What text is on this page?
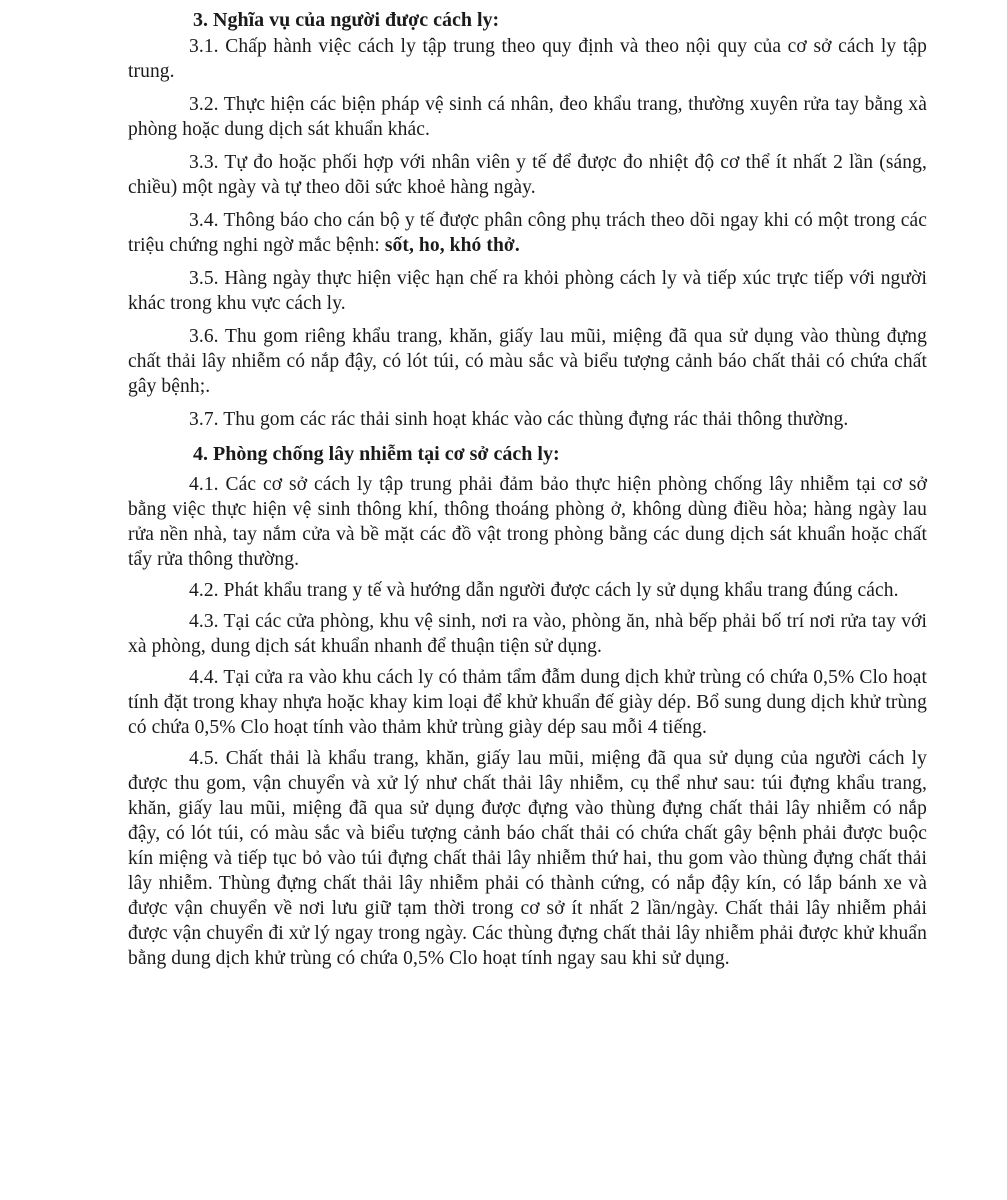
3. Nghĩa vụ của người được cách ly:

3.1. Chấp hành việc cách ly tập trung theo quy định và theo nội quy của cơ sở cách ly tập trung.

3.2. Thực hiện các biện pháp vệ sinh cá nhân, đeo khẩu trang, thường xuyên rửa tay bằng xà phòng hoặc dung dịch sát khuẩn khác.

3.3. Tự đo hoặc phối hợp với nhân viên y tế để được đo nhiệt độ cơ thể ít nhất 2 lần (sáng, chiều) một ngày và tự theo dõi sức khoẻ hàng ngày.

3.4. Thông báo cho cán bộ y tế được phân công phụ trách theo dõi ngay khi có một trong các triệu chứng nghi ngờ mắc bệnh: sốt, ho, khó thở.

3.5. Hàng ngày thực hiện việc hạn chế ra khỏi phòng cách ly và tiếp xúc trực tiếp với người khác trong khu vực cách ly.

3.6. Thu gom riêng khẩu trang, khăn, giấy lau mũi, miệng đã qua sử dụng vào thùng đựng chất thải lây nhiễm có nắp đậy, có lót túi, có màu sắc và biểu tượng cảnh báo chất thải có chứa chất gây bệnh;.

3.7. Thu gom các rác thải sinh hoạt khác vào các thùng đựng rác thải thông thường.

4. Phòng chống lây nhiễm tại cơ sở cách ly:

4.1. Các cơ sở cách ly tập trung phải đảm bảo thực hiện phòng chống lây nhiễm tại cơ sở bằng việc thực hiện vệ sinh thông khí, thông thoáng phòng ở, không dùng điều hòa; hàng ngày lau rửa nền nhà, tay nắm cửa và bề mặt các đồ vật trong phòng bằng các dung dịch sát khuẩn hoặc chất tẩy rửa thông thường.

4.2. Phát khẩu trang y tế và hướng dẫn người được cách ly sử dụng khẩu trang đúng cách.

4.3. Tại các cửa phòng, khu vệ sinh, nơi ra vào, phòng ăn, nhà bếp phải bố trí nơi rửa tay với xà phòng, dung dịch sát khuẩn nhanh để thuận tiện sử dụng.

4.4. Tại cửa ra vào khu cách ly có thảm tẩm đẫm dung dịch khử trùng có chứa 0,5% Clo hoạt tính đặt trong khay nhựa hoặc khay kim loại để khử khuẩn đế giày dép. Bổ sung dung dịch khử trùng có chứa 0,5% Clo hoạt tính vào thảm khử trùng giày dép sau mỗi 4 tiếng.

4.5. Chất thải là khẩu trang, khăn, giấy lau mũi, miệng đã qua sử dụng của người cách ly được thu gom, vận chuyển và xử lý như chất thải lây nhiễm, cụ thể như sau: túi đựng khẩu trang, khăn, giấy lau mũi, miệng đã qua sử dụng được đựng vào thùng đựng chất thải lây nhiễm có nắp đậy, có lót túi, có màu sắc và biểu tượng cảnh báo chất thải có chứa chất gây bệnh phải được buộc kín miệng và tiếp tục bỏ vào túi đựng chất thải lây nhiễm thứ hai, thu gom vào thùng đựng chất thải lây nhiễm. Thùng đựng chất thải lây nhiễm phải có thành cứng, có nắp đậy kín, có lắp bánh xe và được vận chuyển về nơi lưu giữ tạm thời trong cơ sở ít nhất 2 lần/ngày. Chất thải lây nhiễm phải được vận chuyển đi xử lý ngay trong ngày. Các thùng đựng chất thải lây nhiễm phải được khử khuẩn bằng dung dịch khử trùng có chứa 0,5% Clo hoạt tính ngay sau khi sử dụng.
